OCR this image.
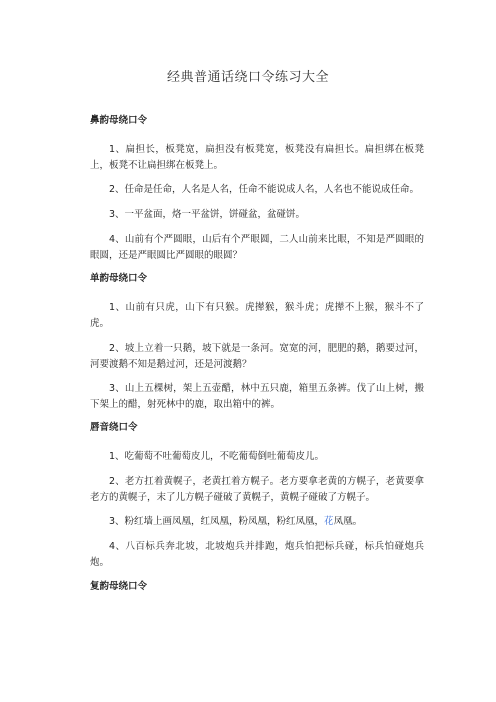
经典普通话绕口令练习大全
鼻韵母绕口令

1、扁担长，板凳宽，扁担没有板凳宽，板凳没有扁担长。扁担绑在板凳上，板凳不让扁担绑在板凳上。

2、任命是任命，人名是人名，任命不能说成人名，人名也不能说成任命。

3、一平盆面，烙一平盆饼，饼碰盆，盆碰饼。

4、山前有个严圆眼，山后有个严眼圆，二人山前来比眼，不知是严圆眼的眼圆，还是严眼圆比严圆眼的眼圆？

单韵母绕口令

1、山前有只虎，山下有只猴。虎撵猴，猴斗虎；虎撵不上猴，猴斗不了虎。

2、坡上立着一只鹅，坡下就是一条河。宽宽的河，肥肥的鹅，鹅要过河，河要渡鹅不知是鹅过河，还是河渡鹅？

3、山上五棵树，架上五壶醋，林中五只鹿，箱里五条裤。伐了山上树，搬下架上的醋，射死林中的鹿，取出箱中的裤。

唇音绕口令

1、吃葡萄不吐葡萄皮儿，不吃葡萄倒吐葡萄皮儿。

2、老方扛着黄幌子，老黄扛着方幌子。老方要拿老黄的方幌子，老黄要拿老方的黄幌子，末了儿方幌子碰破了黄幌子，黄幌子碰破了方幌子。

3、粉红墙上画凤凰，红凤凰，粉凤凰，粉红凤凰，花凤凰。

4、八百标兵奔北坡，北坡炮兵并排跑，炮兵怕把标兵碰，标兵怕碰炮兵炮。

复韵母绕口令
